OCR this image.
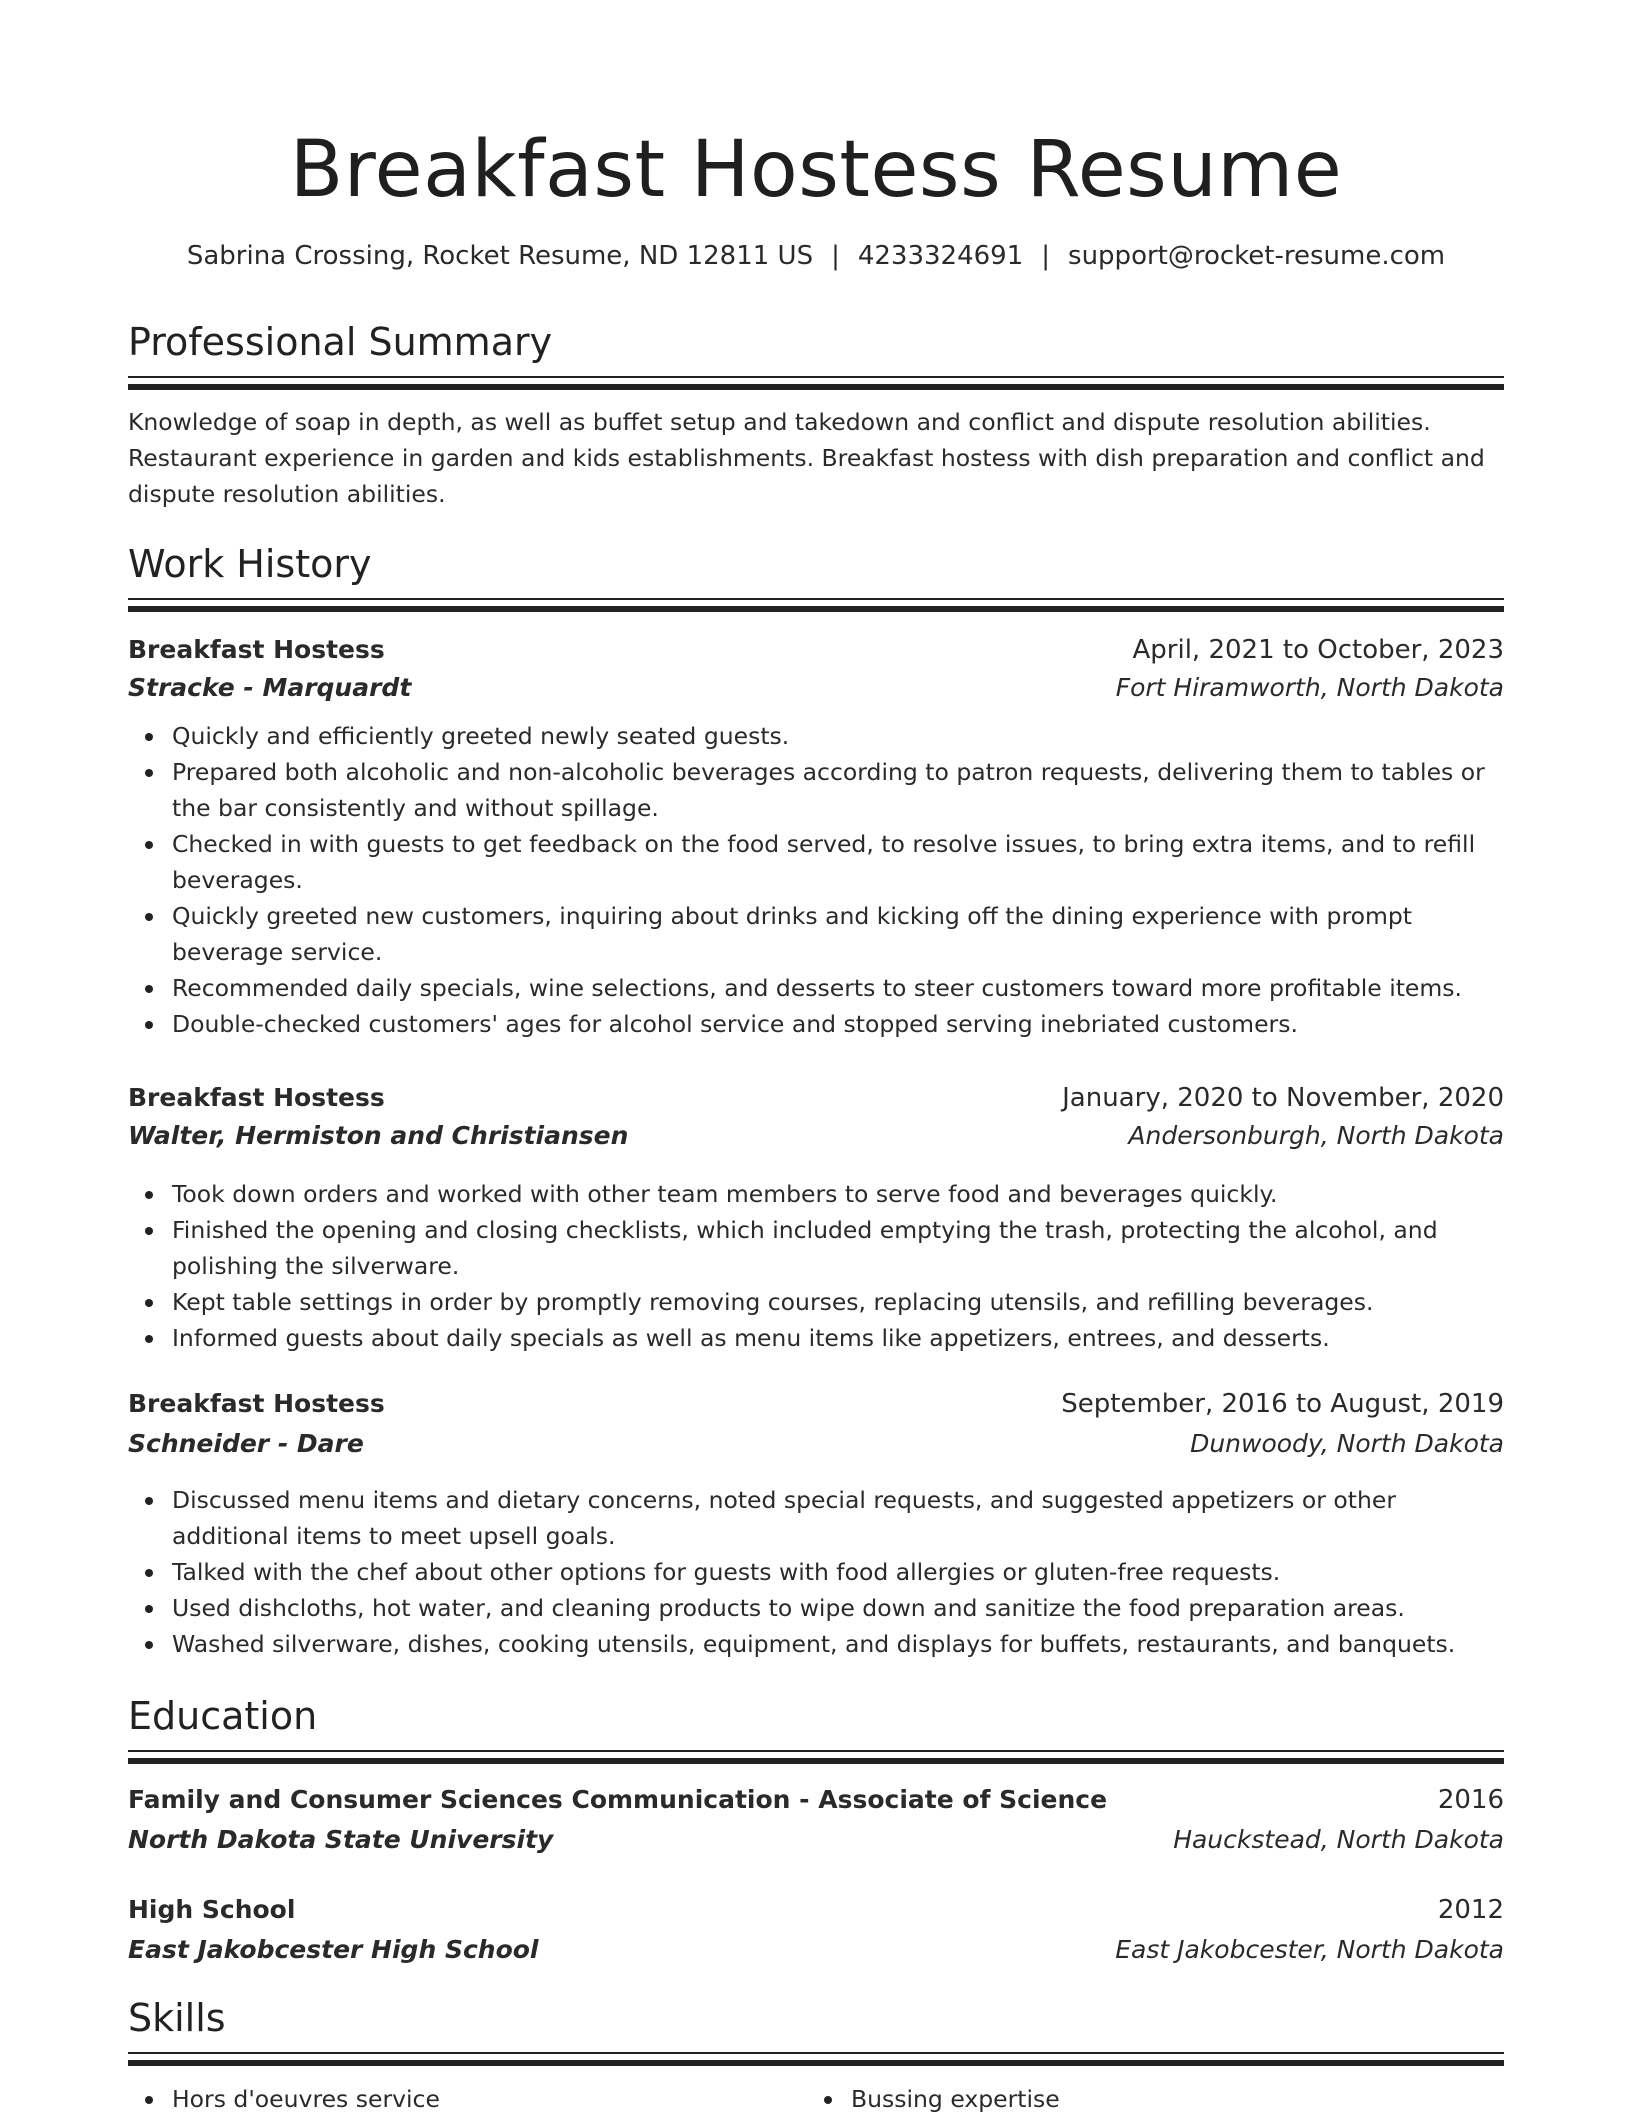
Breakfast Hostess Resume
Sabrina Crossing, Rocket Resume, ND 12811 US | 4233324691 | support@rocket-resume.com
Professional Summary
Knowledge of soap in depth, as well as buffet setup and takedown and conflict and dispute resolution abilities. Restaurant experience in garden and kids establishments. Breakfast hostess with dish preparation and conflict and dispute resolution abilities.
Work History
Breakfast Hostess	April, 2021 to October, 2023
Stracke - Marquardt	Fort Hiramworth, North Dakota
Quickly and efficiently greeted newly seated guests.
Prepared both alcoholic and non-alcoholic beverages according to patron requests, delivering them to tables or the bar consistently and without spillage.
Checked in with guests to get feedback on the food served, to resolve issues, to bring extra items, and to refill beverages.
Quickly greeted new customers, inquiring about drinks and kicking off the dining experience with prompt beverage service.
Recommended daily specials, wine selections, and desserts to steer customers toward more profitable items.
Double-checked customers' ages for alcohol service and stopped serving inebriated customers.
Breakfast Hostess	January, 2020 to November, 2020
Walter, Hermiston and Christiansen	Andersonburgh, North Dakota
Took down orders and worked with other team members to serve food and beverages quickly.
Finished the opening and closing checklists, which included emptying the trash, protecting the alcohol, and polishing the silverware.
Kept table settings in order by promptly removing courses, replacing utensils, and refilling beverages.
Informed guests about daily specials as well as menu items like appetizers, entrees, and desserts.
Breakfast Hostess	September, 2016 to August, 2019
Schneider - Dare	Dunwoody, North Dakota
Discussed menu items and dietary concerns, noted special requests, and suggested appetizers or other additional items to meet upsell goals.
Talked with the chef about other options for guests with food allergies or gluten-free requests.
Used dishcloths, hot water, and cleaning products to wipe down and sanitize the food preparation areas.
Washed silverware, dishes, cooking utensils, equipment, and displays for buffets, restaurants, and banquets.
Education
Family and Consumer Sciences Communication - Associate of Science	2016
North Dakota State University	Hauckstead, North Dakota
High School	2012
East Jakobcester High School	East Jakobcester, North Dakota
Skills
Hors d'oeuvres service	Bussing expertise
